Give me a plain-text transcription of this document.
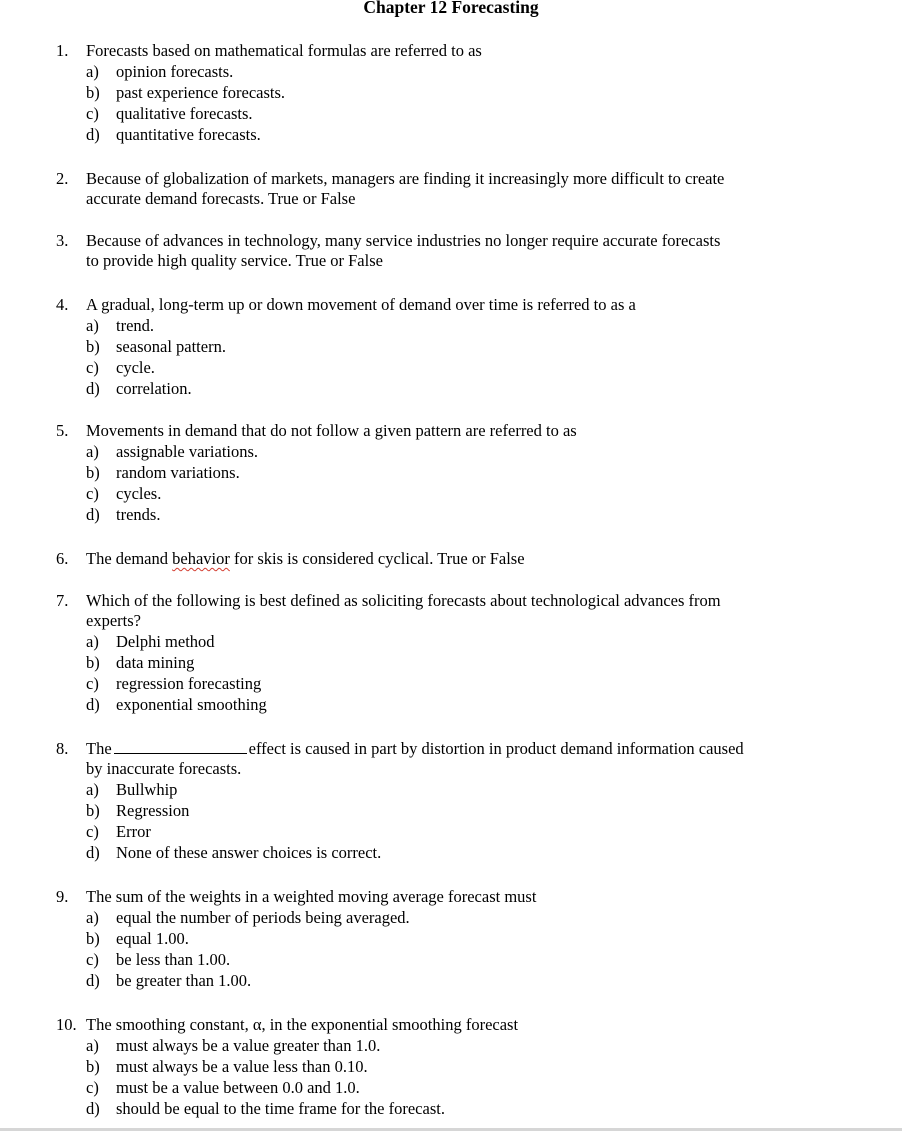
Chapter 12 Forecasting
1. Forecasts based on mathematical formulas are referred to as
a) opinion forecasts.
b) past experience forecasts.
c) qualitative forecasts.
d) quantitative forecasts.
2. Because of globalization of markets, managers are finding it increasingly more difficult to create
accurate demand forecasts. True or False
3. Because of advances in technology, many service industries no longer require accurate forecasts
to provide high quality service. True or False
4. A gradual, long-term up or down movement of demand over time is referred to as a
a) trend.
b) seasonal pattern.
c) cycle.
d) correlation.
5. Movements in demand that do not follow a given pattern are referred to as
a) assignable variations.
b) random variations.
c) cycles.
d) trends.
6. The demand behavior for skis is considered cyclical. True or False
7. Which of the following is best defined as soliciting forecasts about technological advances from
experts?
a) Delphi method
b) data mining
c) regression forecasting
d) exponential smoothing
8. The	effect is caused in part by distortion in product demand information caused
by inaccurate forecasts.
a) Bullwhip
b) Regression
c) Error
d) None of these answer choices is correct.
9. The sum of the weights in a weighted moving average forecast must
a) equal the number of periods being averaged.
b) equal 1.00.
c) be less than 1.00.
d) be greater than 1.00.
10. The smoothing constant, α, in the exponential smoothing forecast
a) must always be a value greater than 1.0.
b) must always be a value less than 0.10.
c) must be a value between 0.0 and 1.0.
d) should be equal to the time frame for the forecast.
